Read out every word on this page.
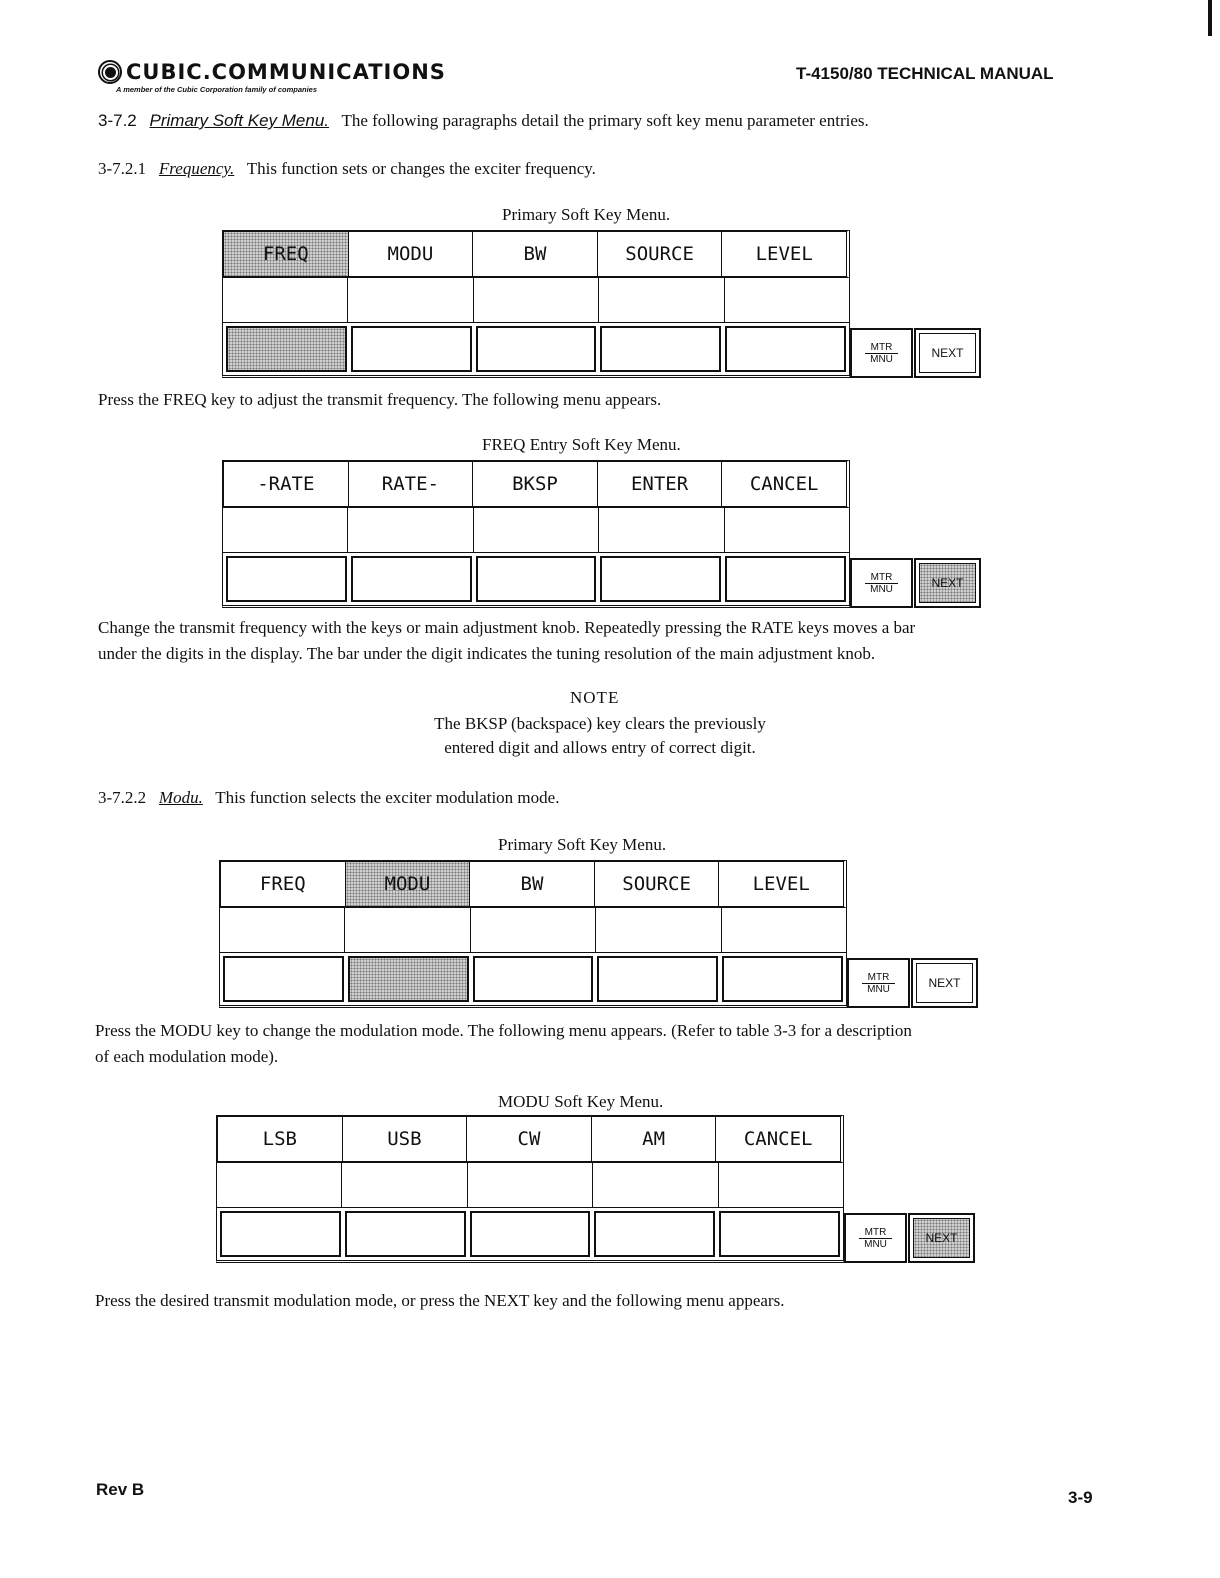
CUBIC.COMMUNICATIONS
A member of the Cubic Corporation family of companies
T-4150/80 TECHNICAL MANUAL
3-7.2 Primary Soft Key Menu. The following paragraphs detail the primary soft key menu parameter entries.
3-7.2.1 Frequency. This function sets or changes the exciter frequency.
Primary Soft Key Menu.
FREQ	MODU	BW	SOURCE	LEVEL
MTR
MNU	NEXT
Press the FREQ key to adjust the transmit frequency. The following menu appears.
FREQ Entry Soft Key Menu.
-RATE	RATE-	BKSP	ENTER	CANCEL
MTR
MNU	NEXT
Change the transmit frequency with the keys or main adjustment knob. Repeatedly pressing the RATE keys moves a bar
under the digits in the display. The bar under the digit indicates the tuning resolution of the main adjustment knob.
NOTE
The BKSP (backspace) key clears the previously
entered digit and allows entry of correct digit.
3-7.2.2 Modu. This function selects the exciter modulation mode.
Primary Soft Key Menu.
FREQ	MODU	BW	SOURCE	LEVEL
MTR
MNU	NEXT
Press the MODU key to change the modulation mode. The following menu appears. (Refer to table 3-3 for a description
of each modulation mode).
MODU Soft Key Menu.
LSB	USB	CW	AM	CANCEL
MTR
MNU	NEXT
Press the desired transmit modulation mode, or press the NEXT key and the following menu appears.
Rev B	3-9
